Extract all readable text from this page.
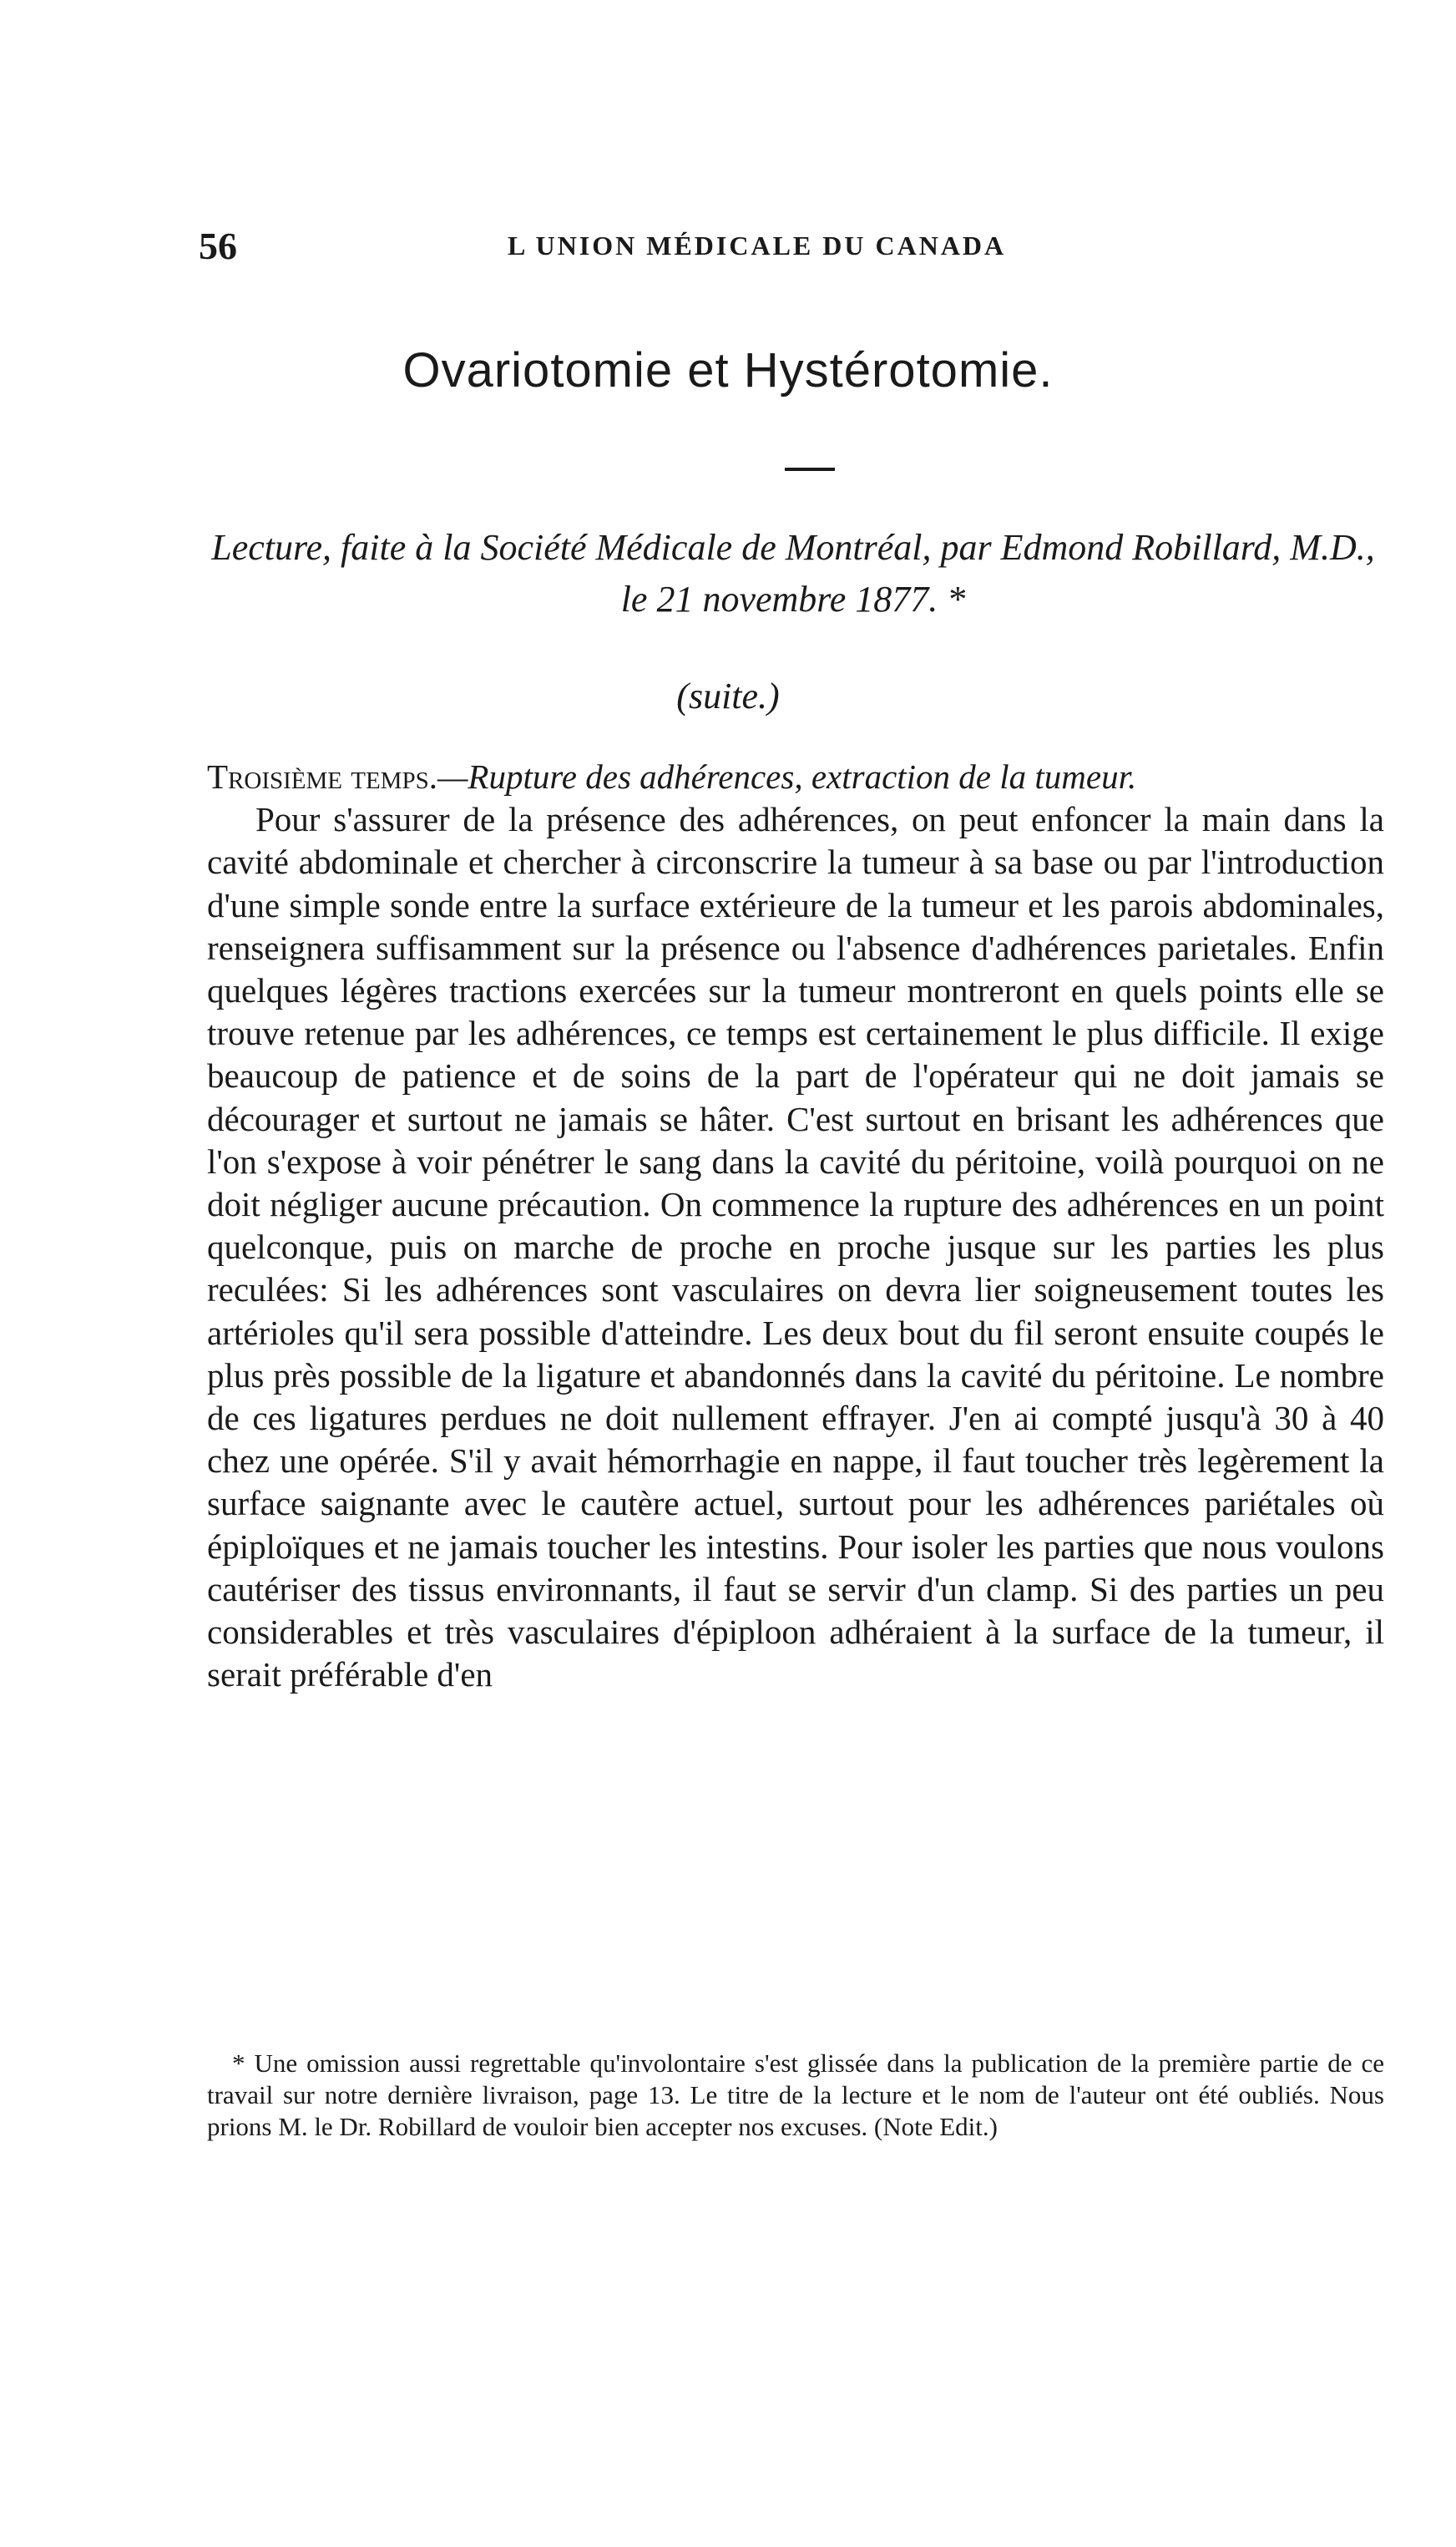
56	L UNION MÉDICALE DU CANADA
Ovariotomie et Hystérotomie.
Lecture, faite à la Société Médicale de Montréal, par Edmond Robillard, M.D., le 21 novembre 1877. *
(suite.)

Troisième temps.—Rupture des adhérences, extraction de la tumeur.

Pour s'assurer de la présence des adhérences, on peut enfoncer la main dans la cavité abdominale et chercher à circonscrire la tumeur à sa base ou par l'introduction d'une simple sonde entre la surface extérieure de la tumeur et les parois abdominales, renseignera suffisamment sur la présence ou l'absence d'adhérences parietales. Enfin quelques légères tractions exercées sur la tumeur montreront en quels points elle se trouve retenue par les adhérences, ce temps est certainement le plus difficile. Il exige beaucoup de patience et de soins de la part de l'opérateur qui ne doit jamais se décourager et surtout ne jamais se hâter. C'est surtout en brisant les adhérences que l'on s'expose à voir pénétrer le sang dans la cavité du péritoine, voilà pourquoi on ne doit négliger aucune précaution. On commence la rupture des adhérences en un point quelconque, puis on marche de proche en proche jusque sur les parties les plus reculées: Si les adhérences sont vasculaires on devra lier soigneusement toutes les artérioles qu'il sera possible d'atteindre. Les deux bout du fil seront ensuite coupés le plus près possible de la ligature et abandonnés dans la cavité du péritoine. Le nombre de ces ligatures perdues ne doit nullement effrayer. J'en ai compté jusqu'à 30 à 40 chez une opérée. S'il y avait hémorrhagie en nappe, il faut toucher très legèrement la surface saignante avec le cautère actuel, surtout pour les adhérences pariétales où épiploïques et ne jamais toucher les intestins. Pour isoler les parties que nous voulons cautériser des tissus environnants, il faut se servir d'un clamp. Si des parties un peu considerables et très vasculaires d'épiploon adhéraient à la surface de la tumeur, il serait préférable d'en

* Une omission aussi regrettable qu'involontaire s'est glissée dans la publication de la première partie de ce travail sur notre dernière livraison, page 13. Le titre de la lecture et le nom de l'auteur ont été oubliés. Nous prions M. le Dr. Robillard de vouloir bien accepter nos excuses. (Note Edit.)
